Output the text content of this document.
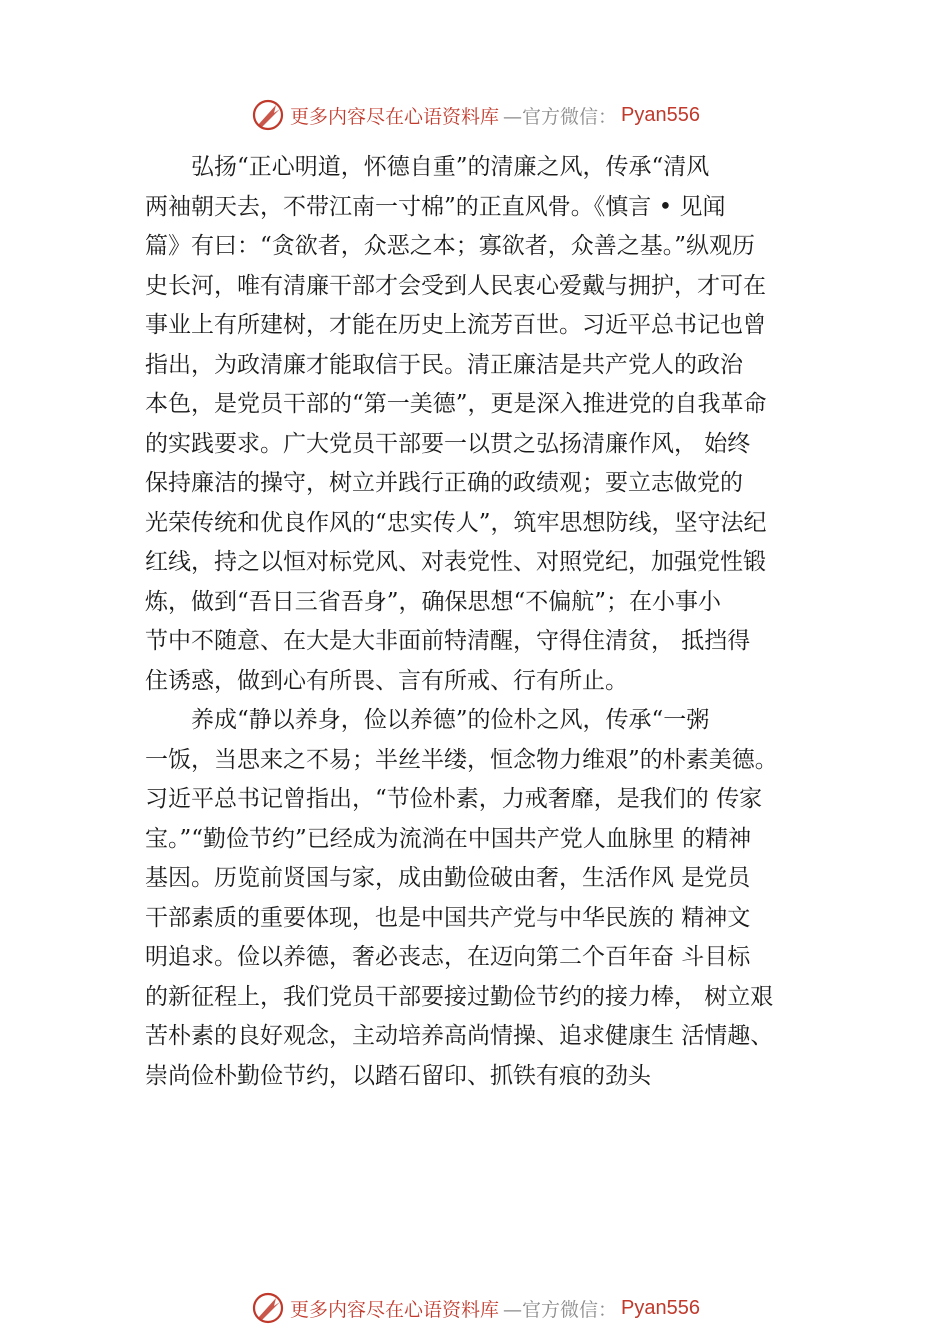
更多内容尽在心语资料库 —官方微信： Pyan556
弘扬“正心明道，怀德自重”的清廉之风，传承“清风
两袖朝天去，不带江南一寸棉”的正直风骨。《慎言 • 见闻
篇》有曰：“贪欲者，众恶之本；寡欲者，众善之基。”纵观历
史长河，唯有清廉干部才会受到人民衷心爱戴与拥护，才可在
事业上有所建树，才能在历史上流芳百世。习近平总书记也曾
指出，为政清廉才能取信于民。清正廉洁是共产党人的政治
本色，是党员干部的“第一美德”，更是深入推进党的自我革命
的实践要求。广大党员干部要一以贯之弘扬清廉作风， 始终
保持廉洁的操守，树立并践行正确的政绩观；要立志做党的
光荣传统和优良作风的“忠实传人”，筑牢思想防线，坚守法纪
红线，持之以恒对标党风、对表党性、对照党纪，加强党性锻
炼，做到“吾日三省吾身”，确保思想“不偏航”；在小事小
节中不随意、在大是大非面前特清醒，守得住清贫， 抵挡得
住诱惑，做到心有所畏、言有所戒、行有所止。
养成“静以养身，俭以养德”的俭朴之风，传承“一粥
一饭，当思来之不易；半丝半缕，恒念物力维艰”的朴素美德。
习近平总书记曾指出，“节俭朴素，力戒奢靡，是我们的 传家
宝。”“勤俭节约”已经成为流淌在中国共产党人血脉里 的精神
基因。历览前贤国与家，成由勤俭破由奢，生活作风 是党员
干部素质的重要体现，也是中国共产党与中华民族的 精神文
明追求。俭以养德，奢必丧志，在迈向第二个百年奋 斗目标
的新征程上，我们党员干部要接过勤俭节约的接力棒， 树立艰
苦朴素的良好观念，主动培养高尚情操、追求健康生 活情趣、
崇尚俭朴勤俭节约，以踏石留印、抓铁有痕的劲头
更多内容尽在心语资料库 —官方微信： Pyan556
